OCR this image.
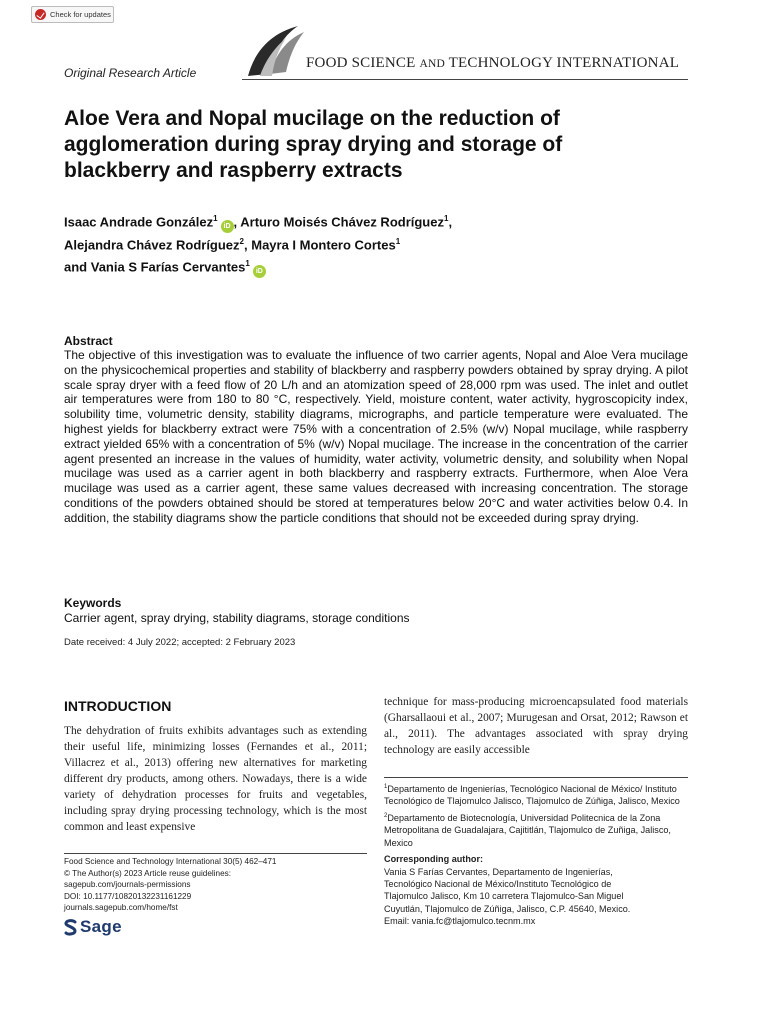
Check for updates
Original Research Article
FOOD SCIENCE AND TECHNOLOGY INTERNATIONAL
Aloe Vera and Nopal mucilage on the reduction of agglomeration during spray drying and storage of blackberry and raspberry extracts
Isaac Andrade González$^1$iD , Arturo Moisés Chávez Rodríguez$^1$,
Alejandra Chávez Rodríguez$^2$, Mayra I Montero Cortes$^1$
and Vania S Farías Cervantes$^1$iD
Abstract

The objective of this investigation was to evaluate the influence of two carrier agents, Nopal and Aloe Vera mucilage on the physicochemical properties and stability of blackberry and raspberry powders obtained by spray drying. A pilot scale spray dryer with a feed flow of 20 L/h and an atomization speed of 28,000 rpm was used. The inlet and outlet air temperatures were from 180 to 80 °C, respectively. Yield, moisture content, water activity, hygroscopicity index, solubility time, volumetric density, stability diagrams, micrographs, and particle temperature were evaluated. The highest yields for blackberry extract were 75% with a concentration of 2.5% (w/v) Nopal mucilage, while raspberry extract yielded 65% with a concentration of 5% (w/v) Nopal mucilage. The increase in the concentration of the carrier agent presented an increase in the values of humidity, water activity, volumetric density, and solubility when Nopal mucilage was used as a carrier agent in both blackberry and raspberry extracts. Furthermore, when Aloe Vera mucilage was used as a carrier agent, these same values decreased with increasing concentration. The storage conditions of the powders obtained should be stored at temperatures below 20°C and water activities below 0.4. In addition, the stability diagrams show the particle conditions that should not be exceeded during spray drying.

Keywords
Carrier agent, spray drying, stability diagrams, storage conditions
Date received: 4 July 2022; accepted: 2 February 2023
INTRODUCTION

The dehydration of fruits exhibits advantages such as extending their useful life, minimizing losses (Fernandes et al., 2011; Villacrez et al., 2013) offering new alternatives for marketing different dry products, among others. Nowadays, there is a wide variety of dehydration processes for fruits and vegetables, including spray drying processing technology, which is the most common and least expensive

technique for mass-producing microencapsulated food materials (Gharsallaoui et al., 2007; Murugesan and Orsat, 2012; Rawson et al., 2011). The advantages associated with spray drying technology are easily accessible

Food Science and Technology International 30(5) 462–471
© The Author(s) 2023 Article reuse guidelines:
sagepub.com/journals-permissions
DOI: 10.1177/10820132231161229
journals.sagepub.com/home/fst
Sage

$^1$Departamento de Ingenierías, Tecnológico Nacional de México/ Instituto Tecnológico de Tlajomulco Jalisco, Tlajomulco de Zúñiga, Jalisco, Mexico

$^2$Departamento de Biotecnología, Universidad Politecnica de la Zona Metropolitana de Guadalajara, Cajititlán, Tlajomulco de Zuñiga, Jalisco, Mexico

Corresponding author:
Vania S Farías Cervantes, Departamento de Ingenierías,
Tecnológico Nacional de México/Instituto Tecnológico de
Tlajomulco Jalisco, Km 10 carretera Tlajomulco-San Miguel
Cuyutlán, Tlajomulco de Zúñiga, Jalisco, C.P. 45640, Mexico.
Email: vania.fc@tlajomulco.tecnm.mx
